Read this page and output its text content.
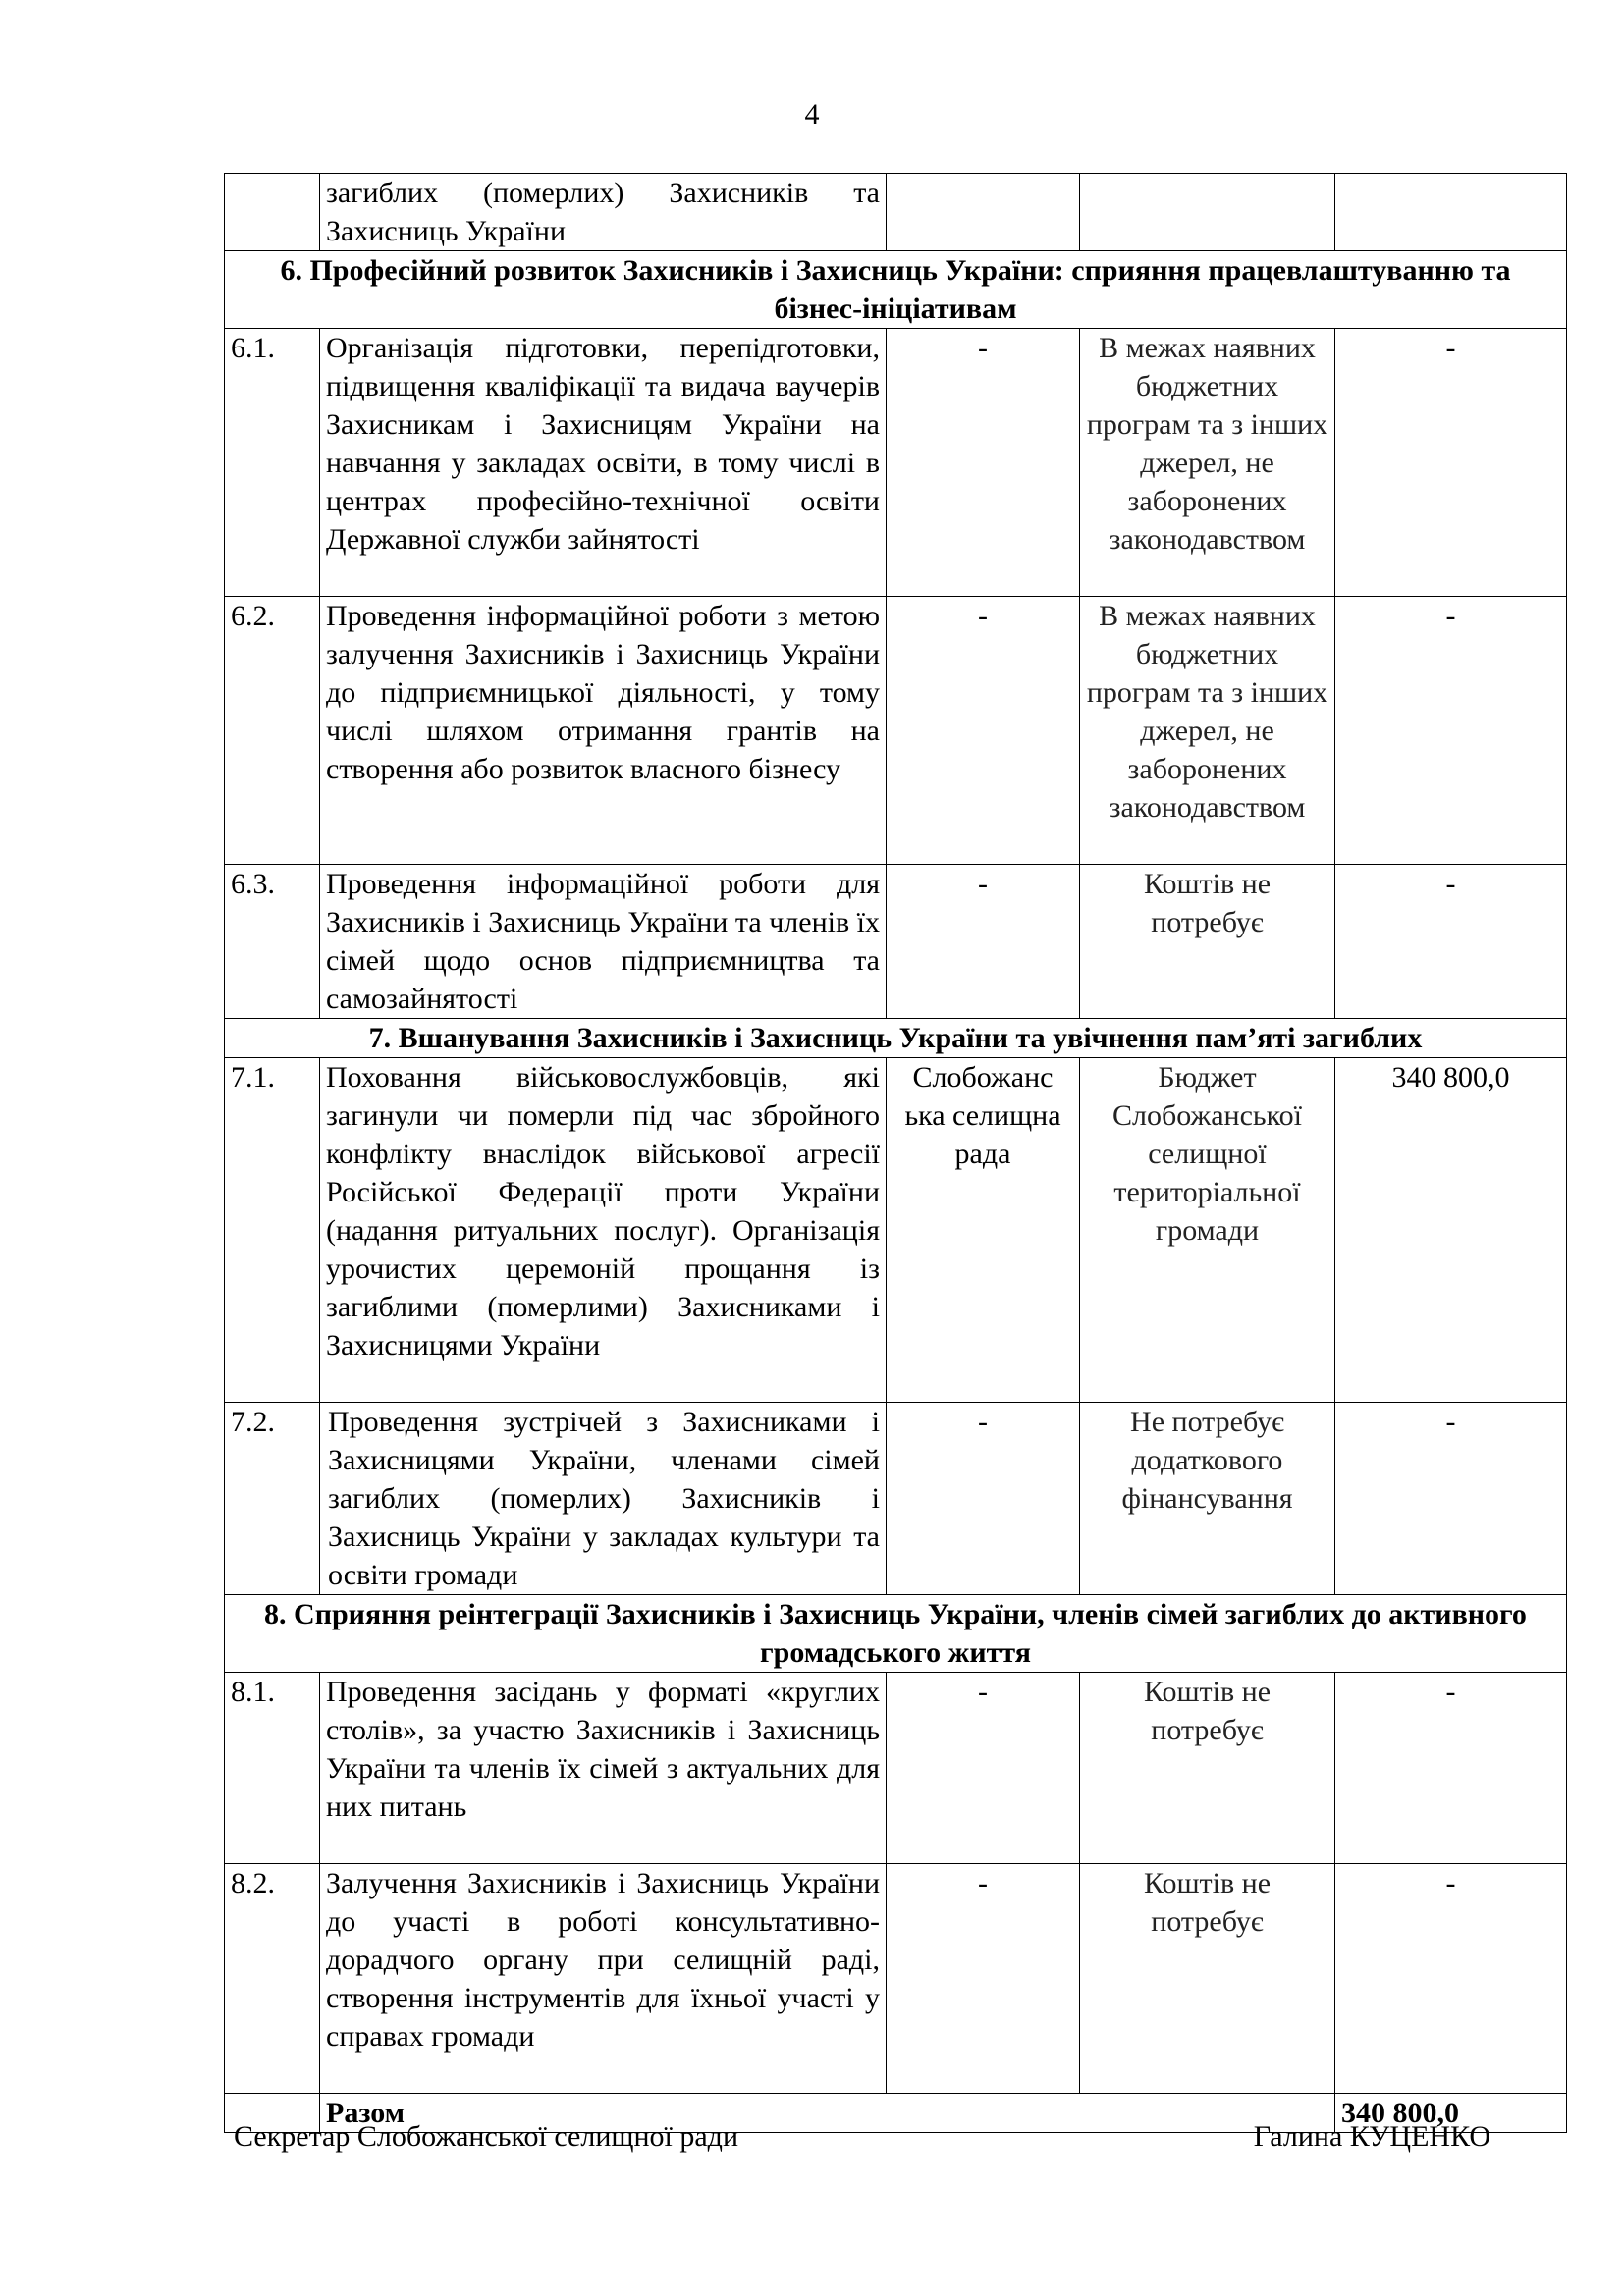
4
	загиблих (померлих) Захисників та Захисниць України			
6. Професійний розвиток Захисників і Захисниць України: сприяння працевлаштуванню та бізнес-ініціативам				
6.1.	Організація підготовки, перепідготовки, підвищення кваліфікації та видача ваучерів Захисникам і Захисницям України на навчання у закладах освіти, в тому числі в центрах професійно-технічної освіти Державної служби зайнятості	-	В межах наявних бюджетних програм та з інших джерел, не заборонених законодавством	-
6.2.	Проведення інформаційної роботи з метою залучення Захисників і Захисниць України до підприємницької діяльності, у тому числі шляхом отримання грантів на створення або розвиток власного бізнесу	-	В межах наявних бюджетних програм та з інших джерел, не заборонених законодавством	-
6.3.	Проведення інформаційної роботи для Захисників і Захисниць України та членів їх сімей щодо основ підприємництва та самозайнятості	-	Коштів не потребує	-
7. Вшанування Захисників і Захисниць України та увічнення пам’яті загиблих				
7.1.	Поховання військовослужбовців, які загинули чи померли під час збройного конфлікту внаслідок військової агресії Російської Федерації проти України (надання ритуальних послуг). Організація урочистих церемоній прощання із загиблими (померлими) Захисниками і Захисницями України	Слобожанс ька селищна рада	Бюджет Слобожанської селищної територіальної громади	340 800,0
7.2.	Проведення зустрічей з Захисниками і Захисницями України, членами сімей загиблих (померлих) Захисників і Захисниць України у закладах культури та освіти громади	-	Не потребує додаткового фінансування	-
8. Сприяння реінтеграції Захисників і Захисниць України, членів сімей загиблих до активного громадського життя				
8.1.	Проведення засідань у форматі «круглих столів», за участю Захисників і Захисниць України та членів їх сімей з актуальних для них питань	-	Коштів не потребує	-
8.2.	Залучення Захисників і Захисниць України до участі в роботі консультативно-дорадчого органу при селищній раді, створення інструментів для їхньої участі у справах громади	-	Коштів не потребує	-
	Разом			340 800,0
Секретар Слобожанської селищної ради	Галина КУЦЕНКО
